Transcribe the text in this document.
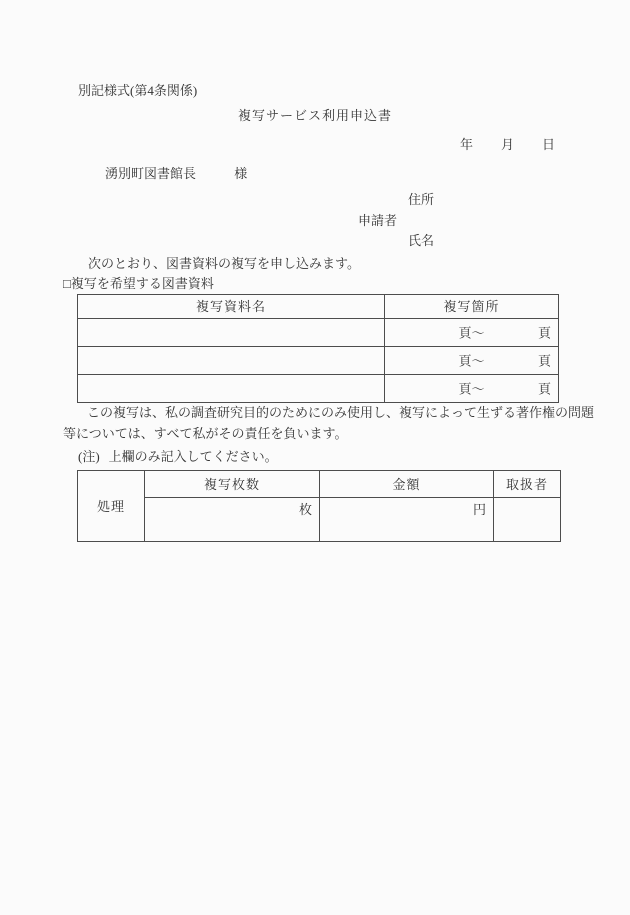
別記様式(第4条関係)
複写サービス利用申込書
年 月 日
湧別町図書館長	様
住所
申請者
氏名
次のとおり、図書資料の複写を申し込みます。
□複写を希望する図書資料
複写資料名	複写箇所

	頁～ 頁

	頁～ 頁

	頁～ 頁
この複写は、私の調査研究目的のためにのみ使用し、複写によって生ずる著作権の問題
等については、すべて私がその責任を負います。
(注) 上欄のみ記入してください。
処理	複写枚数	金額	取扱者
	枚	円	
